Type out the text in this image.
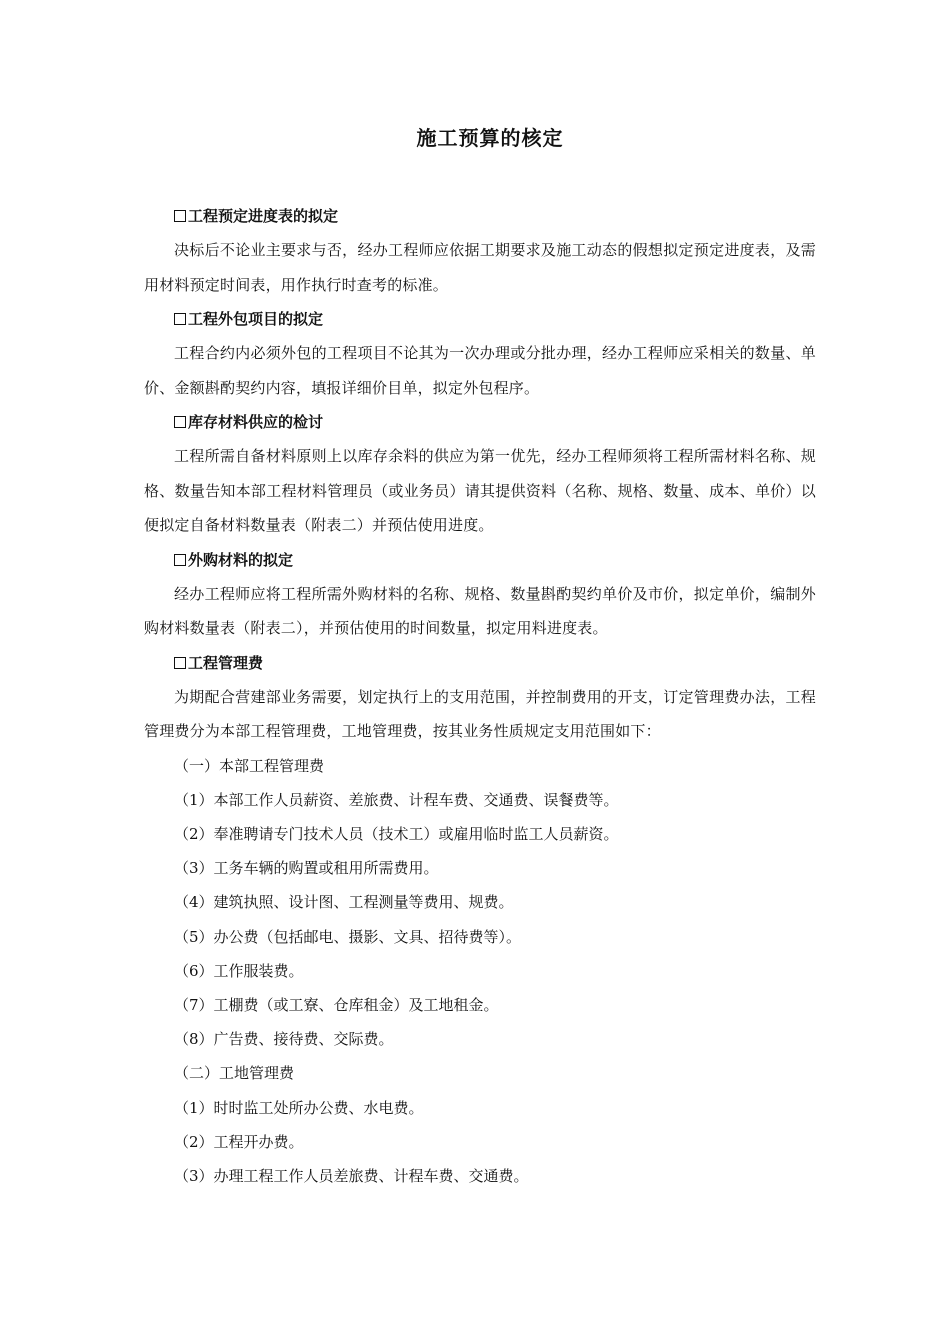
施工预算的核定
工程预定进度表的拟定

决标后不论业主要求与否，经办工程师应依据工期要求及施工动态的假想拟定预定进度表，及需用材料预定时间表，用作执行时查考的标准。

工程外包项目的拟定

工程合约内必须外包的工程项目不论其为一次办理或分批办理，经办工程师应采相关的数量、单价、金额斟酌契约内容，填报详细价目单，拟定外包程序。

库存材料供应的检讨

工程所需自备材料原则上以库存余料的供应为第一优先，经办工程师须将工程所需材料名称、规格、数量告知本部工程材料管理员（或业务员）请其提供资料（名称、规格、数量、成本、单价）以便拟定自备材料数量表（附表二）并预估使用进度。

外购材料的拟定

经办工程师应将工程所需外购材料的名称、规格、数量斟酌契约单价及市价，拟定单价，编制外购材料数量表（附表二），并预估使用的时间数量，拟定用料进度表。

工程管理费

为期配合营建部业务需要，划定执行上的支用范围，并控制费用的开支，订定管理费办法，工程管理费分为本部工程管理费，工地管理费，按其业务性质规定支用范围如下：

（一）本部工程管理费
（1）本部工作人员薪资、差旅费、计程车费、交通费、误餐费等。
（2）奉准聘请专门技术人员（技术工）或雇用临时监工人员薪资。
（3）工务车辆的购置或租用所需费用。
（4）建筑执照、设计图、工程测量等费用、规费。
（5）办公费（包括邮电、摄影、文具、招待费等）。
（6）工作服装费。
（7）工棚费（或工寮、仓库租金）及工地租金。
（8）广告费、接待费、交际费。
（二）工地管理费
（1）时时监工处所办公费、水电费。
（2）工程开办费。
（3）办理工程工作人员差旅费、计程车费、交通费。
